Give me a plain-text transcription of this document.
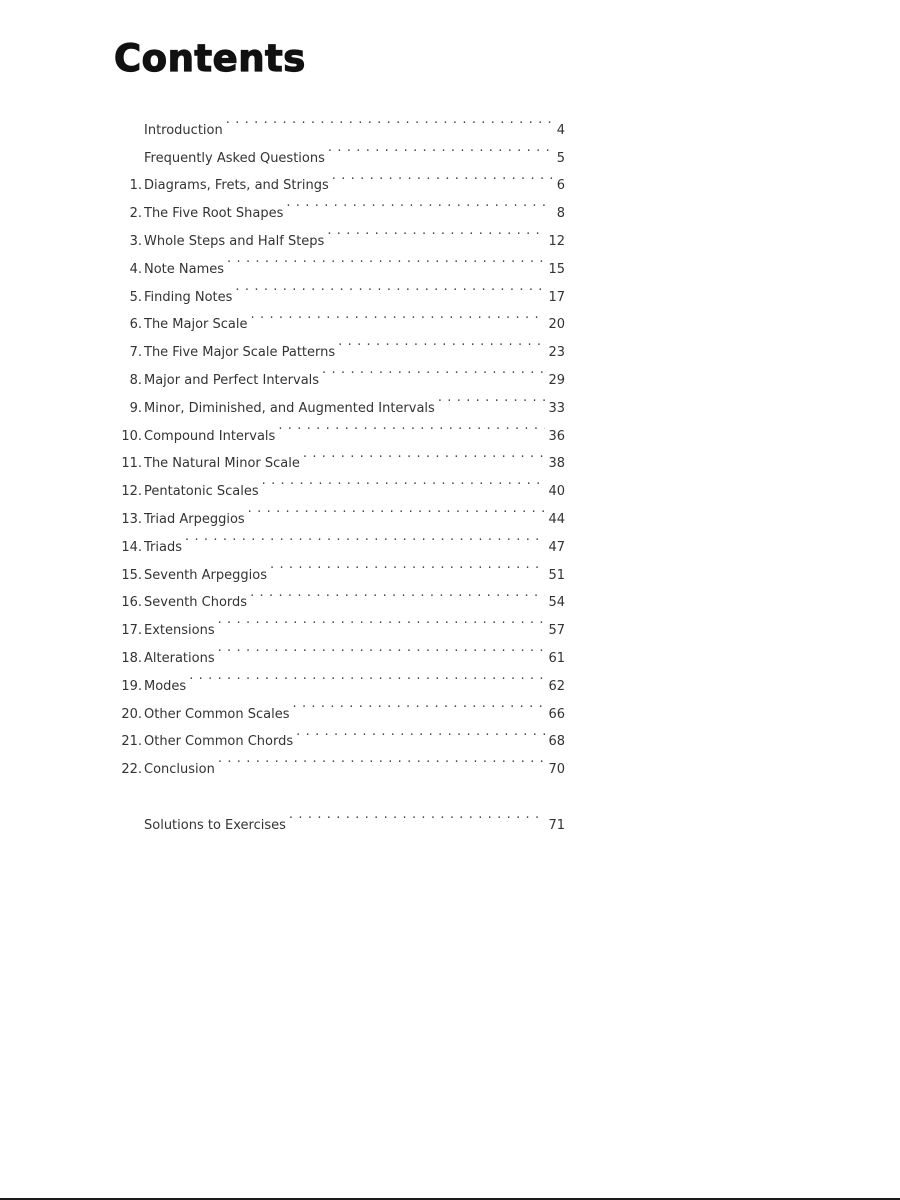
Contents
Introduction . . .	4
Frequently Asked Questions . . .	5
1. Diagrams, Frets, and Strings . . .	6
2. The Five Root Shapes . . .	8
3. Whole Steps and Half Steps . . .	12
4. Note Names . . .	15
5. Finding Notes . . .	17
6. The Major Scale . . .	20
7. The Five Major Scale Patterns . . .	23
8. Major and Perfect Intervals . . .	29
9. Minor, Diminished, and Augmented Intervals . . .	33
10. Compound Intervals . . .	36
11. The Natural Minor Scale . . .	38
12. Pentatonic Scales . . .	40
13. Triad Arpeggios . . .	44
14. Triads . . .	47
15. Seventh Arpeggios . . .	51
16. Seventh Chords . . .	54
17. Extensions . . .	57
18. Alterations . . .	61
19. Modes . . .	62
20. Other Common Scales . . .	66
21. Other Common Chords . . .	68
22. Conclusion . . .	70
Solutions to Exercises . . .	71
